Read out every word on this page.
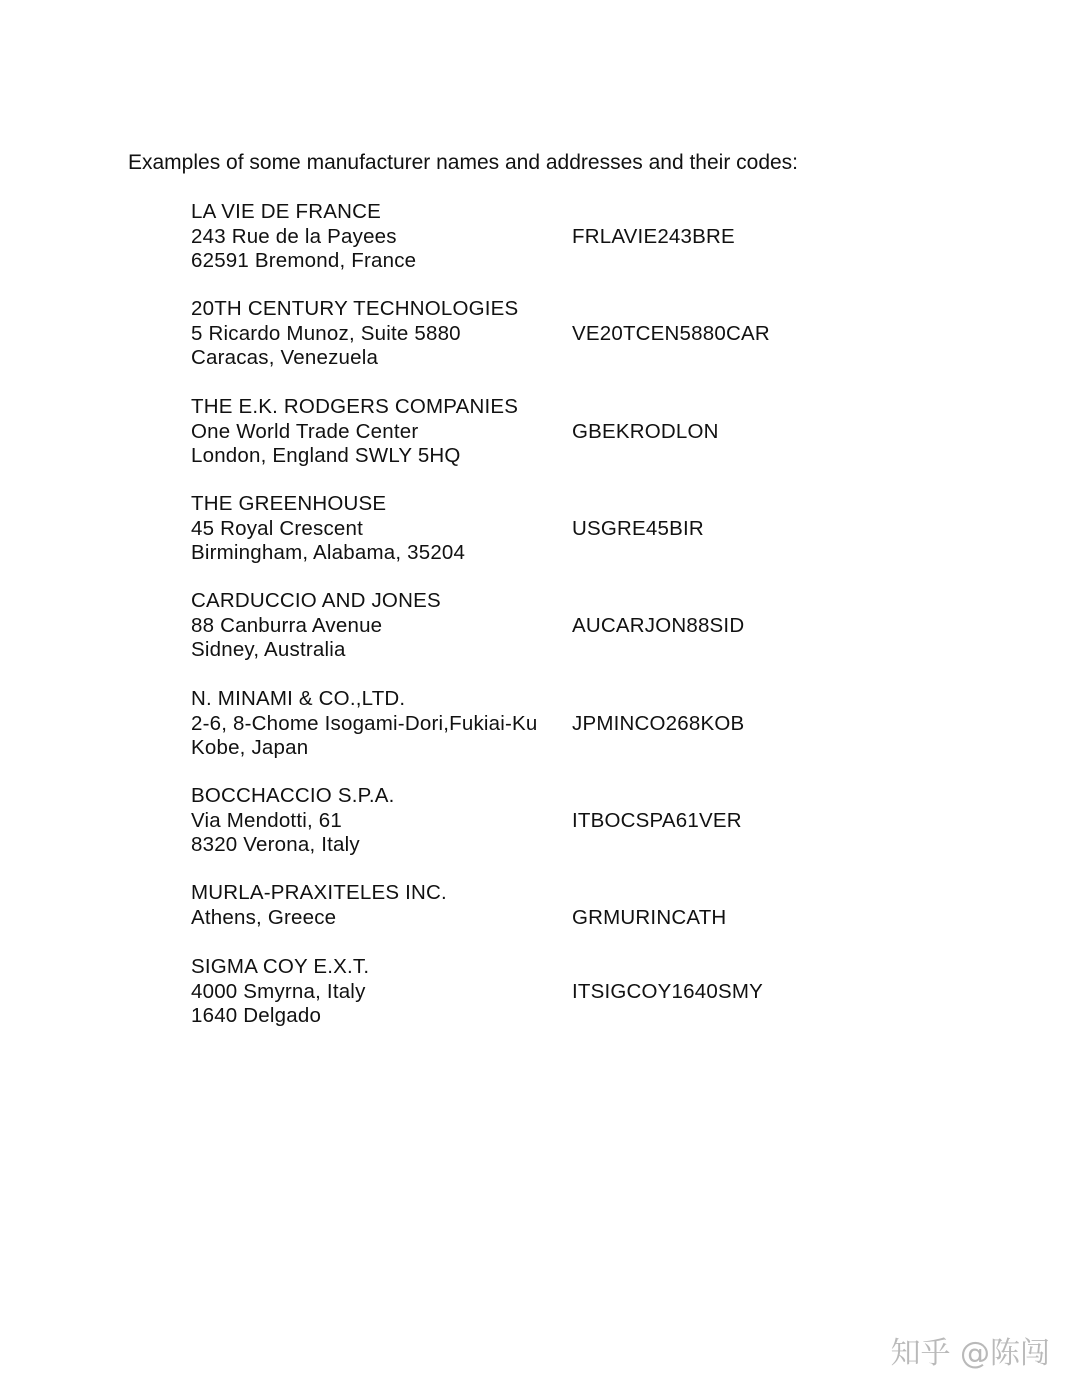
Examples of some manufacturer names and addresses and their codes:
LA VIE DE FRANCE
243 Rue de la Payees
62591 Bremond, France
FRLAVIE243BRE
20TH CENTURY TECHNOLOGIES
5 Ricardo Munoz, Suite 5880
Caracas, Venezuela
VE20TCEN5880CAR
THE E.K. RODGERS COMPANIES
One World Trade Center
London, England SWLY 5HQ
GBEKRODLON
THE GREENHOUSE
45 Royal Crescent
Birmingham, Alabama, 35204
USGRE45BIR
CARDUCCIO AND JONES
88 Canburra Avenue
Sidney, Australia
AUCARJON88SID
N. MINAMI & CO.,LTD.
2-6, 8-Chome Isogami-Dori,Fukiai-Ku
Kobe, Japan
JPMINCO268KOB
BOCCHACCIO S.P.A.
Via Mendotti, 61
8320 Verona, Italy
ITBOCSPA61VER
MURLA-PRAXITELES INC.
Athens, Greece	GRMURINCATH
SIGMA COY E.X.T.
4000 Smyrna, Italy
1640 Delgado
ITSIGCOY1640SMY
知乎 @陈闯
